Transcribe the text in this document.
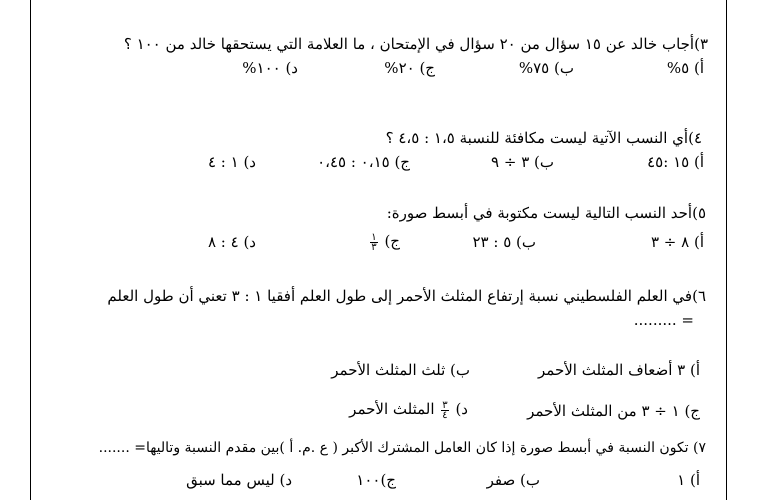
٣)أجاب خالد عن ١٥ سؤال من ٢٠ سؤال في الإمتحان ، ما العلامة التي يستحقها خالد من ١٠٠ ؟
أ) ٥%
ب) ٧٥%
ج) ٢٠%
د) ١٠٠%
٤)أي النسب الآتية ليست مكافئة للنسبة ١،٥ : ٤،٥ ؟
أ) ١٥ :٤٥
ب) ٣ ÷ ٩
ج) ٠،١٥ : ٠،٤٥
د) ١ : ٤
٥)أحد النسب التالية ليست مكتوبة في أبسط صورة:
أ) ٨ ÷ ٣
ب) ٥ : ٢٣
ج)
$\frac{١}{٣}$
د) ٤ : ٨
٦)في العلم الفلسطيني نسبة إرتفاع المثلث الأحمر إلى طول العلم أفقيا ١ : ٣ تعني أن طول العلم
= .........
أ) ٣ أضعاف المثلث الأحمر
ب) ثلث المثلث الأحمر
ج) ١ ÷ ٣ من المثلث الأحمر
د)
$\frac{٣}{٤}$
المثلث الأحمر
٧) تكون النسبة في أبسط صورة إذا كان العامل المشترك الأكبر ( ع .م. أ )بين مقدم النسبة وتاليها= .......
أ) ١
ب) صفر
ج)١٠٠
د) ليس مما سبق
